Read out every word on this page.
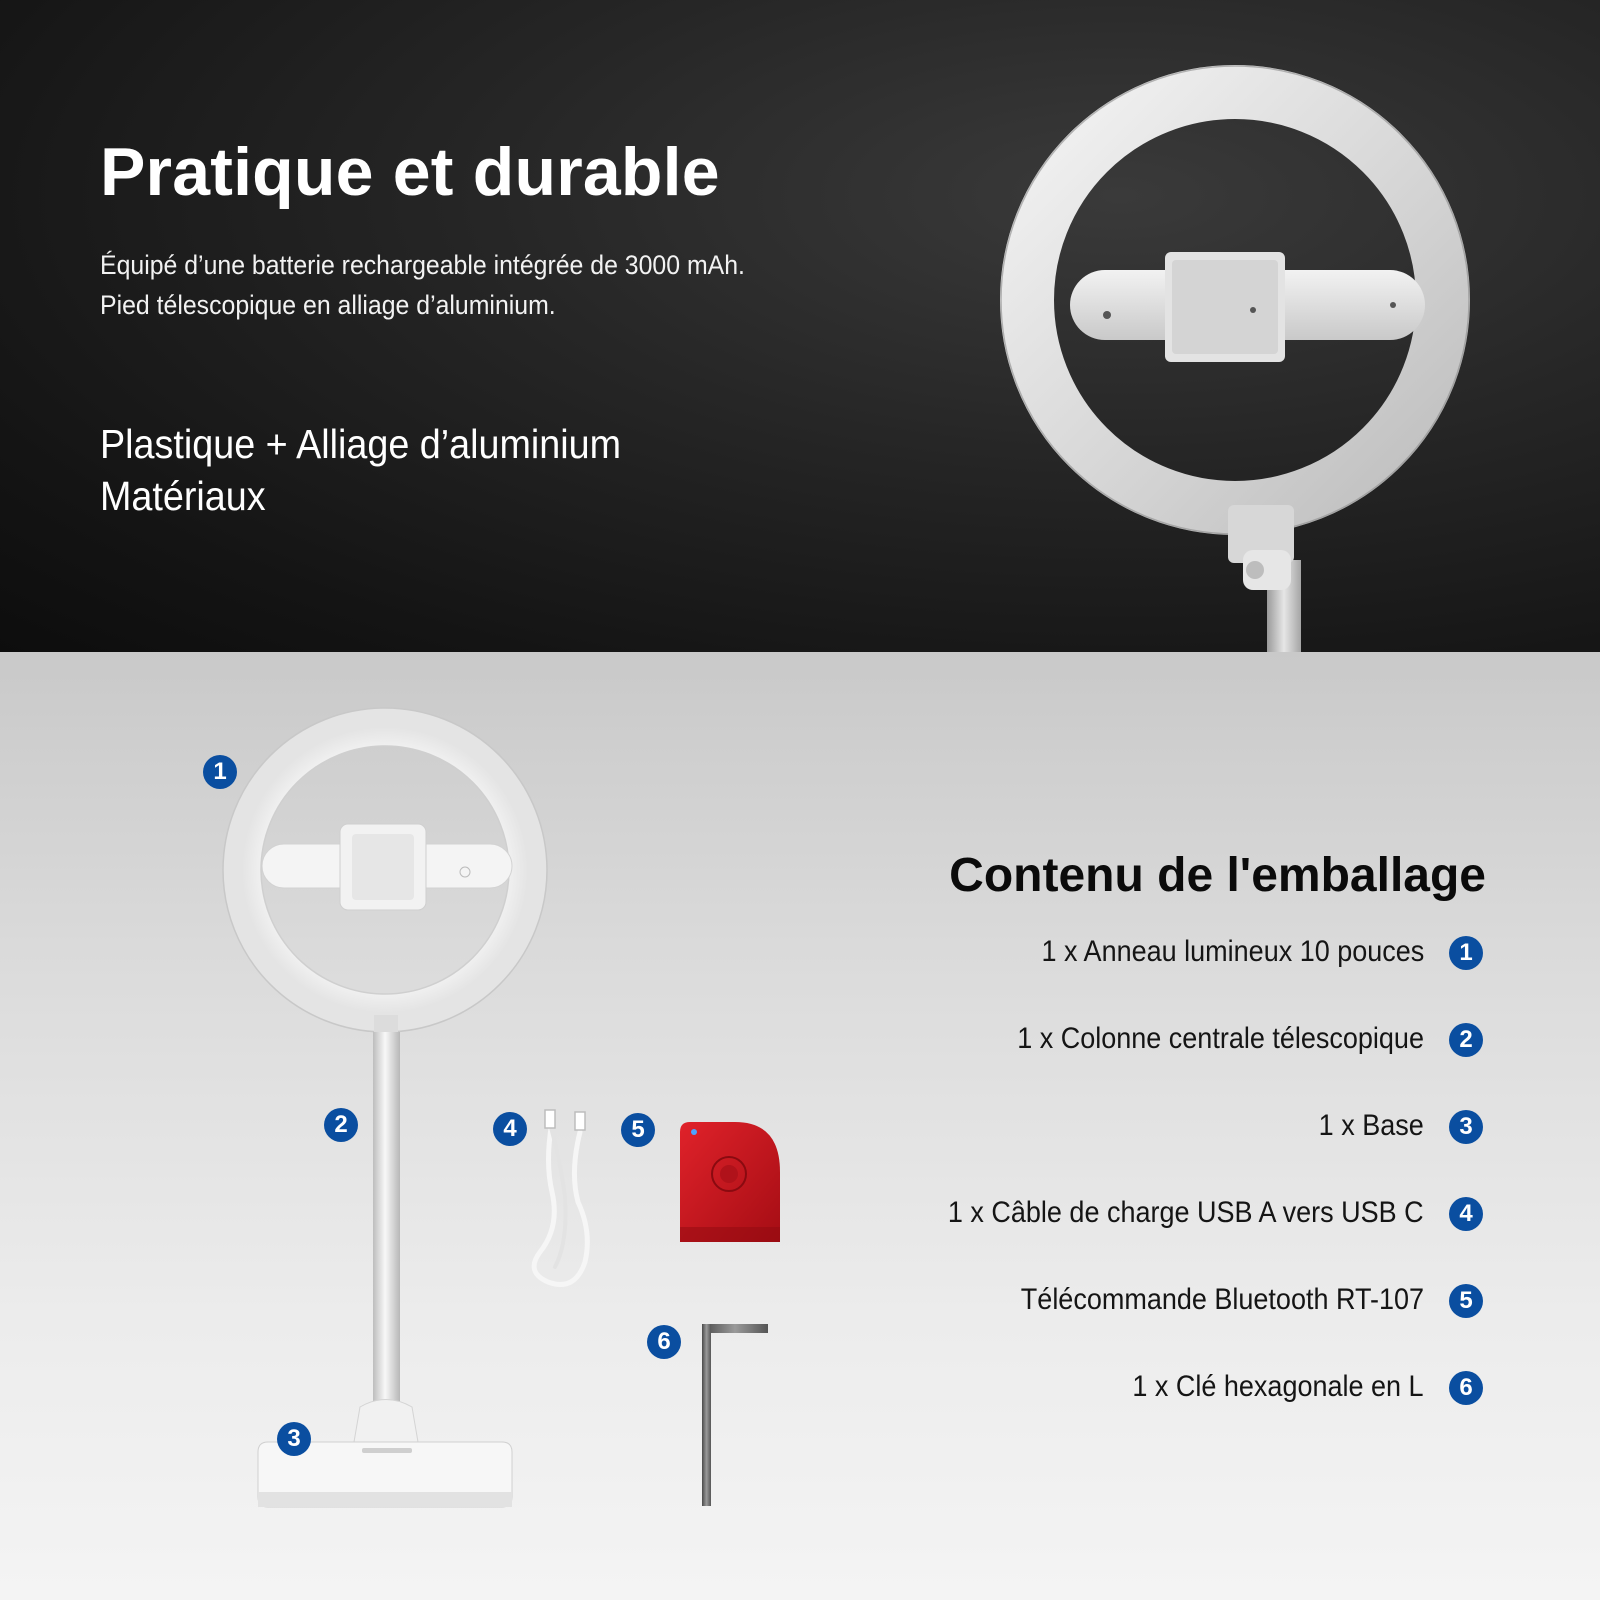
Pratique et durable
Équipé d’une batterie rechargeable intégrée de 3000 mAh.
Pied télescopique en alliage d’aluminium.
Plastique + Alliage d’aluminium
Matériaux
1
2
3
4	5
6
Contenu de l'emballage
1 x Anneau lumineux 10 pouces	1
1 x Colonne centrale télescopique	2
1 x Base	3
1 x Câble de charge USB A vers USB C	4
Télécommande Bluetooth RT-107	5
1 x Clé hexagonale en L	6
